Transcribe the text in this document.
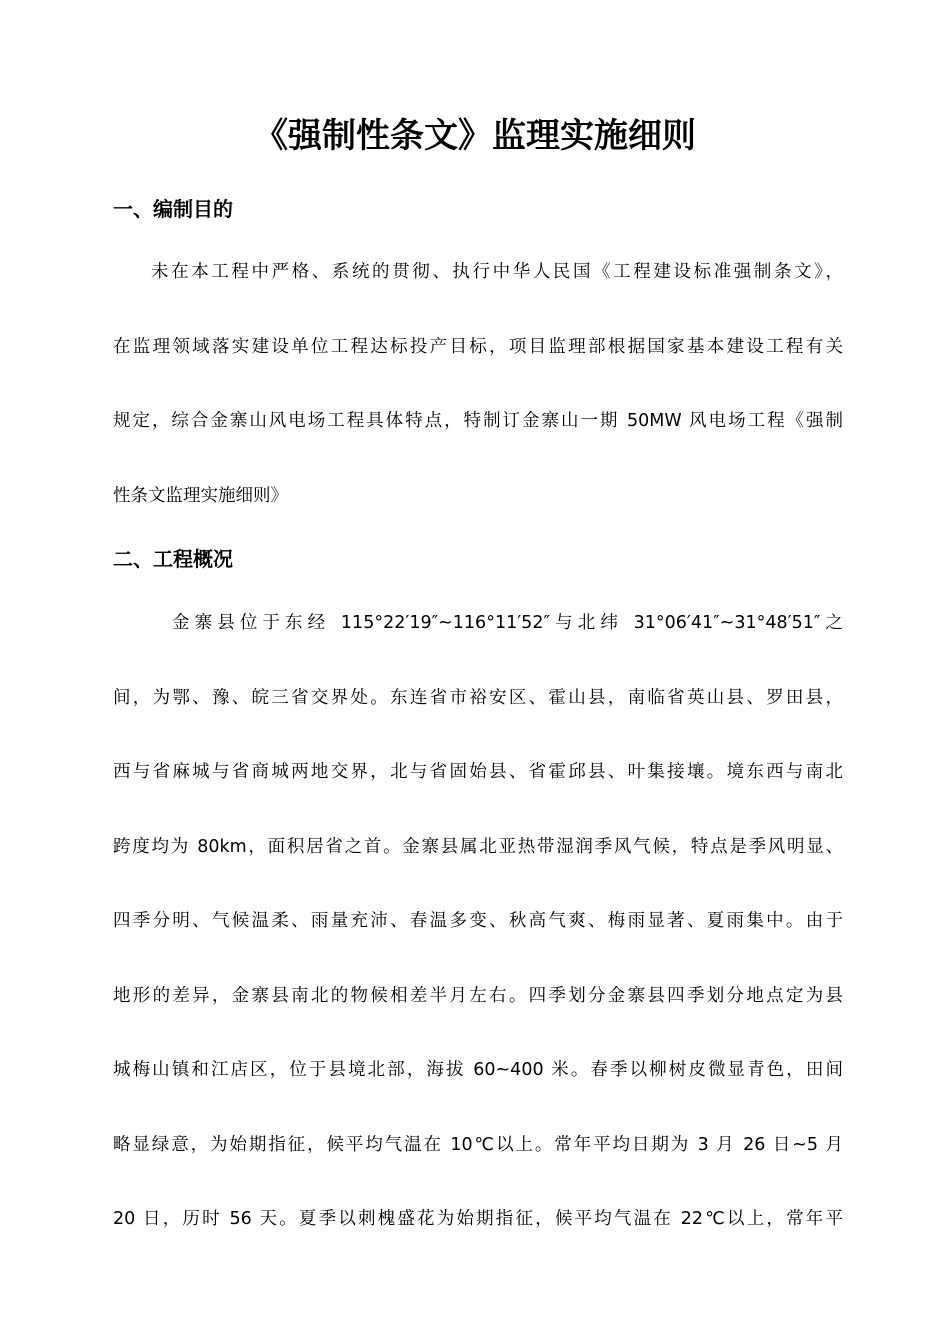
《强制性条文》监理实施细则
一、编制目的
未在本工程中严格、系统的贯彻、执行中华人民国《工程建设标准强制条文》，
在监理领域落实建设单位工程达标投产目标，项目监理部根据国家基本建设工程有关
规定，综合金寨山风电场工程具体特点，特制订金寨山一期 50MW 风电场工程《强制
性条文监理实施细则》
二、工程概况
金寨县位于东经 115°22′19″~116°11′52″与北纬 31°06′41″~31°48′51″之
间，为鄂、豫、皖三省交界处。东连省市裕安区、霍山县，南临省英山县、罗田县，
西与省麻城与省商城两地交界，北与省固始县、省霍邱县、叶集接壤。境东西与南北
跨度均为 80km，面积居省之首。金寨县属北亚热带湿润季风气候，特点是季风明显、
四季分明、气候温柔、雨量充沛、春温多变、秋高气爽、梅雨显著、夏雨集中。由于
地形的差异，金寨县南北的物候相差半月左右。四季划分金寨县四季划分地点定为县
城梅山镇和江店区，位于县境北部，海拔 60~400 米。春季以柳树皮微显青色，田间
略显绿意，为始期指征，候平均气温在 10℃以上。常年平均日期为 3 月 26 日~5 月
20 日，历时 56 天。夏季以刺槐盛花为始期指征，候平均气温在 22℃以上，常年平
